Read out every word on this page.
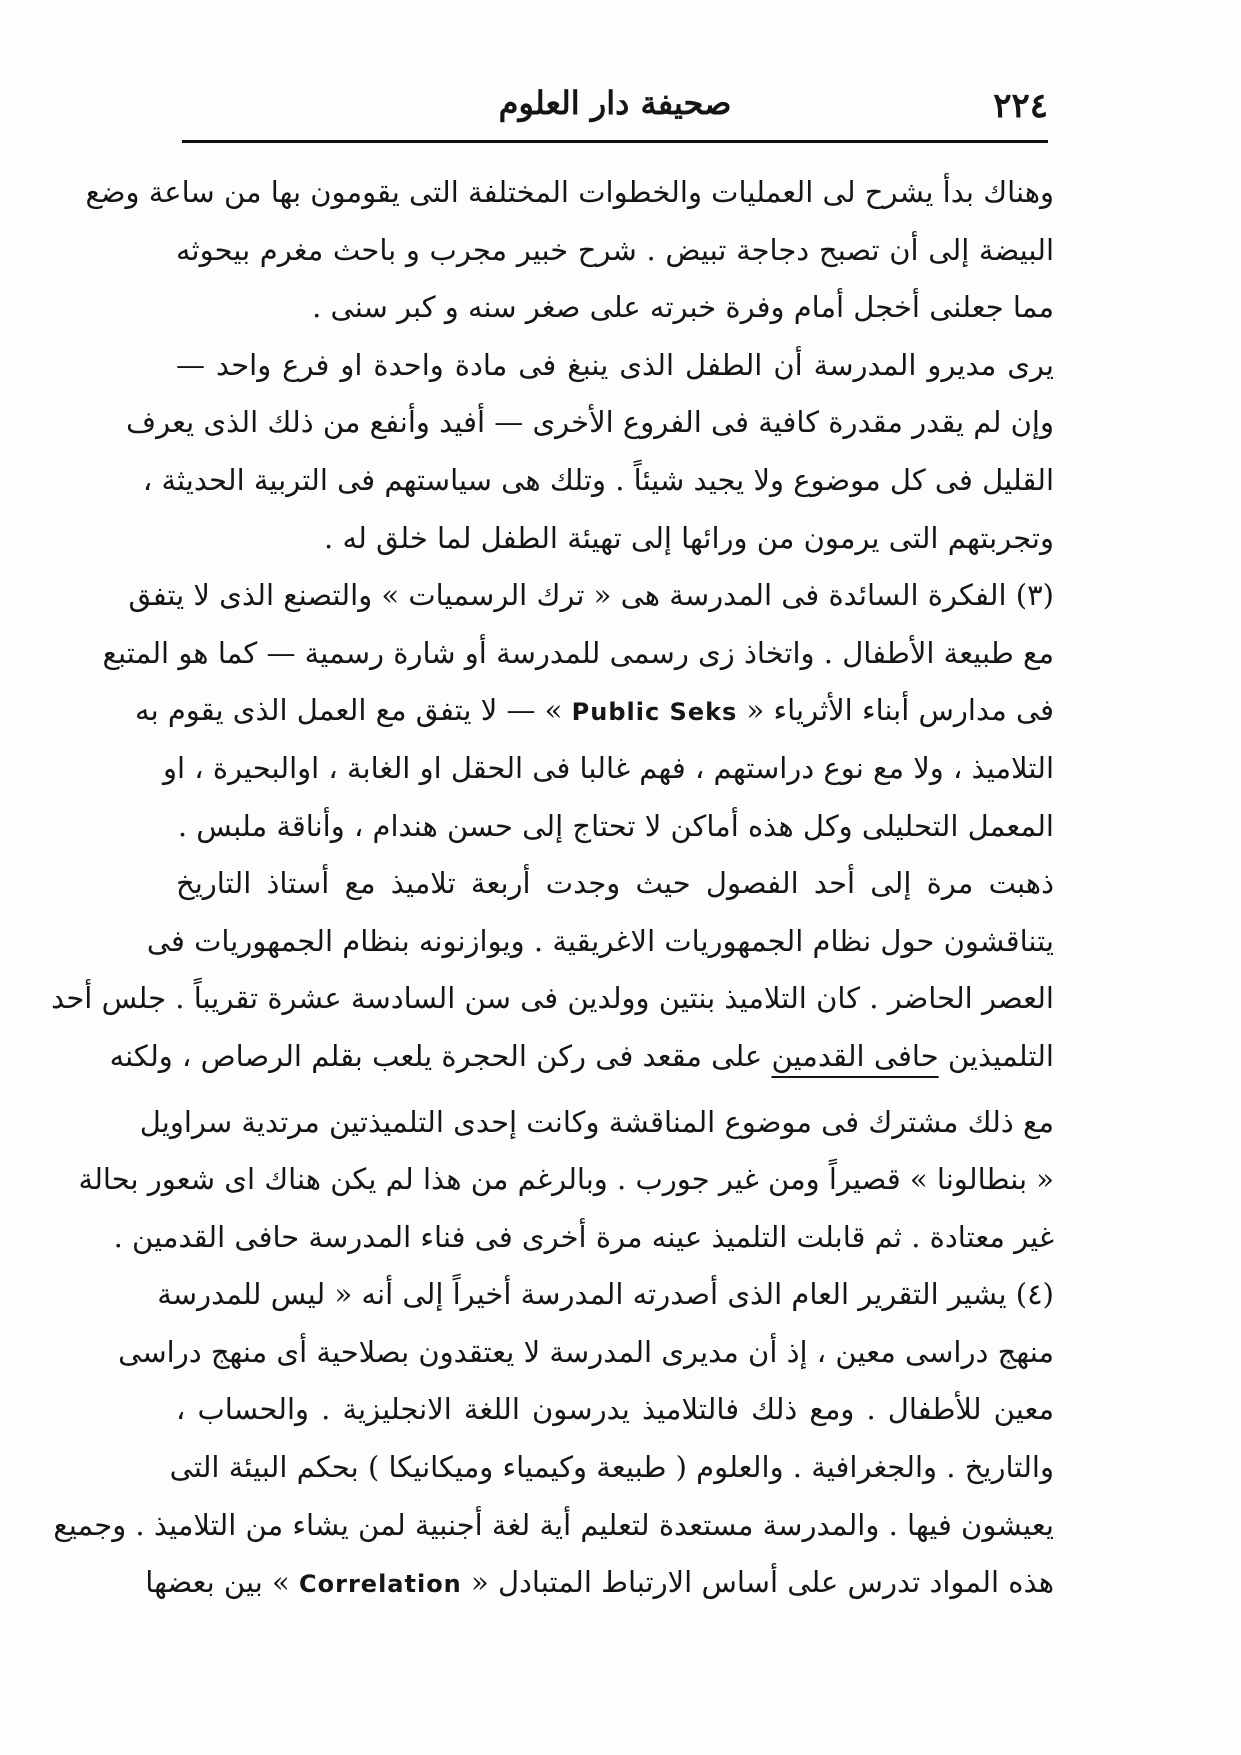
٢٢٤
صحيفة دار العلوم
وهناك بدأ يشرح لى العمليات والخطوات المختلفة التى يقومون بها من ساعة وضع
البيضة إلى أن تصبح دجاجة تبيض . شرح خبير مجرب و باحث مغرم بيحوثه
مما جعلنى أخجل أمام وفرة خبرته على صغر سنه و كبر سنى .
يرى مديرو المدرسة أن الطفل الذى ينبغ فى مادة واحدة او فرع واحد —
وإن لم يقدر مقدرة كافية فى الفروع الأخرى — أفيد وأنفع من ذلك الذى يعرف
القليل فى كل موضوع ولا يجيد شيئاً . وتلك هى سياستهم فى التربية الحديثة ،
وتجربتهم التى يرمون من ورائها إلى تهيئة الطفل لما خلق له .
(٣) الفكرة السائدة فى المدرسة هى « ترك الرسميات » والتصنع الذى لا يتفق
مع طبيعة الأطفال . واتخاذ زى رسمى للمدرسة أو شارة رسمية — كما هو المتبع
فى مدارس أبناء الأثرياء « Public Seks » — لا يتفق مع العمل الذى يقوم به
التلاميذ ، ولا مع نوع دراستهم ، فهم غالبا فى الحقل او الغابة ، اوالبحيرة ، او
المعمل التحليلى وكل هذه أماكن لا تحتاج إلى حسن هندام ، وأناقة ملبس .
ذهبت مرة إلى أحد الفصول حيث وجدت أربعة تلاميذ مع أستاذ التاريخ
يتناقشون حول نظام الجمهوريات الاغريقية . ويوازنونه بنظام الجمهوريات فى
العصر الحاضر . كان التلاميذ بنتين وولدين فى سن السادسة عشرة تقريباً . جلس أحد
التلميذين حافى القدمين على مقعد فى ركن الحجرة يلعب بقلم الرصاص ، ولكنه
مع ذلك مشترك فى موضوع المناقشة وكانت إحدى التلميذتين مرتدية سراويل
« بنطالونا » قصيراً ومن غير جورب . وبالرغم من هذا لم يكن هناك اى شعور بحالة
غير معتادة . ثم قابلت التلميذ عينه مرة أخرى فى فناء المدرسة حافى القدمين .
(٤) يشير التقرير العام الذى أصدرته المدرسة أخيراً إلى أنه « ليس للمدرسة
منهج دراسى معين ، إذ أن مديرى المدرسة لا يعتقدون بصلاحية أى منهج دراسى
معين للأطفال . ومع ذلك فالتلاميذ يدرسون اللغة الانجليزية . والحساب ،
والتاريخ . والجغرافية . والعلوم ( طبيعة وكيمياء وميكانيكا ) بحكم البيئة التى
يعيشون فيها . والمدرسة مستعدة لتعليم أية لغة أجنبية لمن يشاء من التلاميذ . وجميع
هذه المواد تدرس على أساس الارتباط المتبادل « Correlation » بين بعضها
